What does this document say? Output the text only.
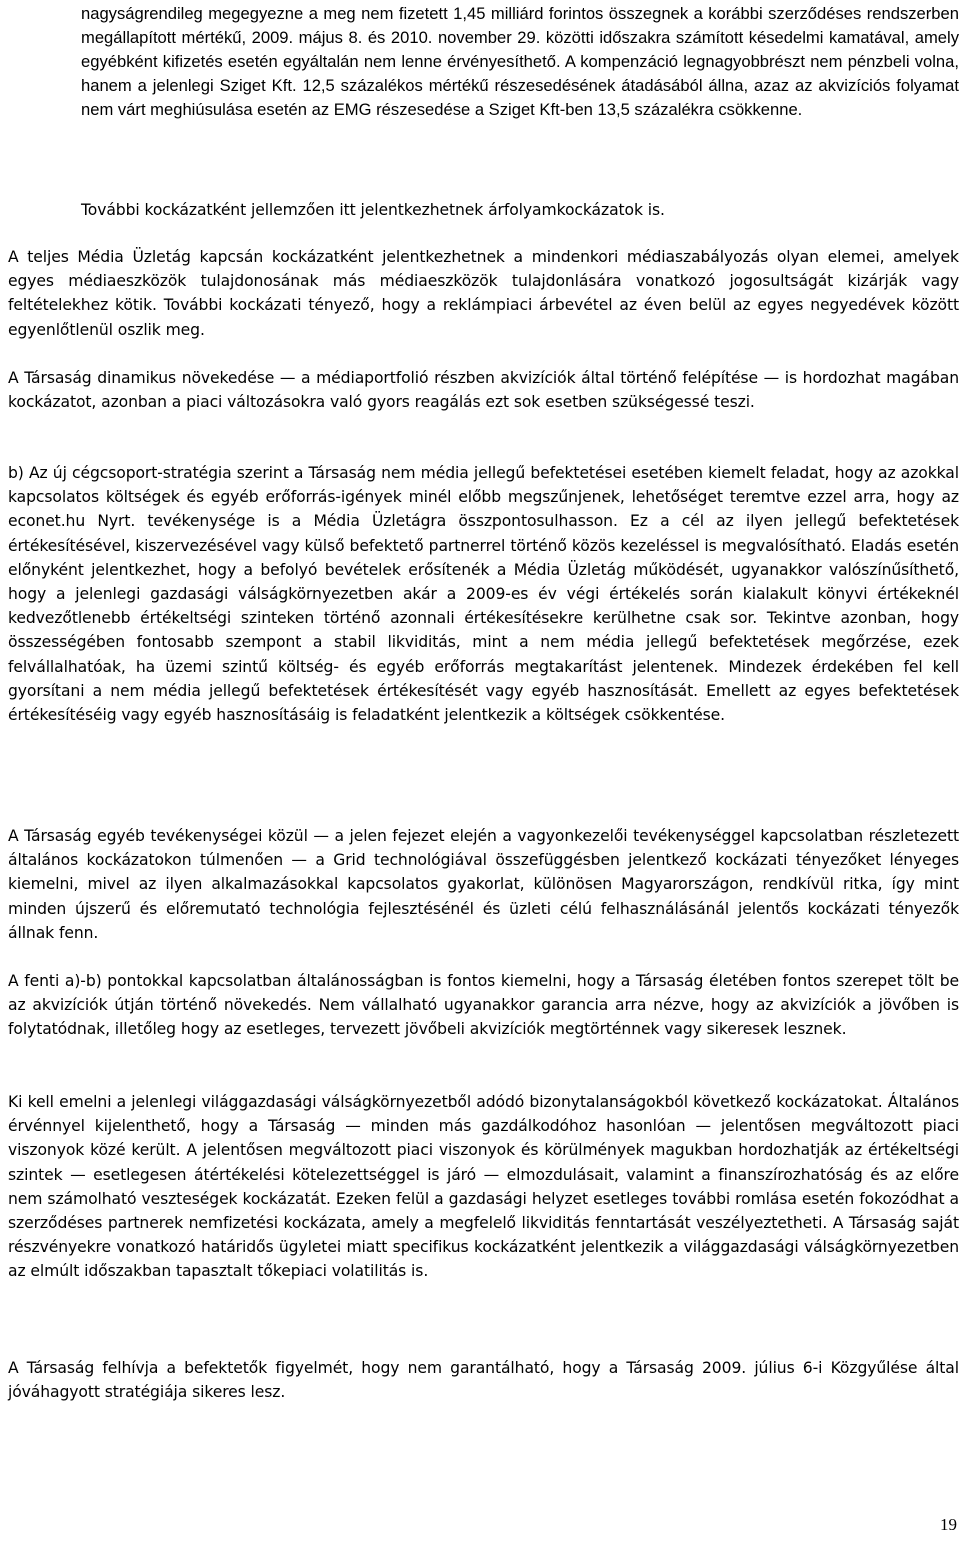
nagyságrendileg megegyezne a meg nem fizetett 1,45 milliárd forintos összegnek a korábbi szerződéses rendszerben megállapított mértékű, 2009. május 8. és 2010. november 29. közötti időszakra számított késedelmi kamatával, amely egyébként kifizetés esetén egyáltalán nem lenne érvényesíthető. A kompenzáció legnagyobbrészt nem pénzbeli volna, hanem a jelenlegi Sziget Kft. 12,5 százalékos mértékű részesedésének átadásából állna, azaz az akvizíciós folyamat nem várt meghiúsulása esetén az EMG részesedése a Sziget Kft-ben 13,5 százalékra csökkenne.

További kockázatként jellemzően itt jelentkezhetnek árfolyamkockázatok is.

A teljes Média Üzletág kapcsán kockázatként jelentkezhetnek a mindenkori médiaszabályozás olyan elemei, amelyek egyes médiaeszközök tulajdonosának más médiaeszközök tulajdonlására vonatkozó jogosultságát kizárják vagy feltételekhez kötik. További kockázati tényező, hogy a reklámpiaci árbevétel az éven belül az egyes negyedévek között egyenlőtlenül oszlik meg.

A Társaság dinamikus növekedése — a médiaportfolió részben akvizíciók által történő felépítése — is hordozhat magában kockázatot, azonban a piaci változásokra való gyors reagálás ezt sok esetben szükségessé teszi.

b) Az új cégcsoport-stratégia szerint a Társaság nem média jellegű befektetései esetében kiemelt feladat, hogy az azokkal kapcsolatos költségek és egyéb erőforrás-igények minél előbb megszűnjenek, lehetőséget teremtve ezzel arra, hogy az econet.hu Nyrt. tevékenysége is a Média Üzletágra összpontosulhasson. Ez a cél az ilyen jellegű befektetések értékesítésével, kiszervezésével vagy külső befektető partnerrel történő közös kezeléssel is megvalósítható. Eladás esetén előnyként jelentkezhet, hogy a befolyó bevételek erősítenék a Média Üzletág működését, ugyanakkor valószínűsíthető, hogy a jelenlegi gazdasági válságkörnyezetben akár a 2009-es év végi értékelés során kialakult könyvi értékeknél kedvezőtlenebb értékeltségi szinteken történő azonnali értékesítésekre kerülhetne csak sor. Tekintve azonban, hogy összességében fontosabb szempont a stabil likviditás, mint a nem média jellegű befektetések megőrzése, ezek felvállalhatóak, ha üzemi szintű költség- és egyéb erőforrás megtakarítást jelentenek. Mindezek érdekében fel kell gyorsítani a nem média jellegű befektetések értékesítését vagy egyéb hasznosítását. Emellett az egyes befektetések értékesítéséig vagy egyéb hasznosításáig is feladatként jelentkezik a költségek csökkentése.

A Társaság egyéb tevékenységei közül — a jelen fejezet elején a vagyonkezelői tevékenységgel kapcsolatban részletezett általános kockázatokon túlmenően — a Grid technológiával összefüggésben jelentkező kockázati tényezőket lényeges kiemelni, mivel az ilyen alkalmazásokkal kapcsolatos gyakorlat, különösen Magyarországon, rendkívül ritka, így mint minden újszerű és előremutató technológia fejlesztésénél és üzleti célú felhasználásánál jelentős kockázati tényezők állnak fenn.

A fenti a)-b) pontokkal kapcsolatban általánosságban is fontos kiemelni, hogy a Társaság életében fontos szerepet tölt be az akvizíciók útján történő növekedés. Nem vállalható ugyanakkor garancia arra nézve, hogy az akvizíciók a jövőben is folytatódnak, illetőleg hogy az esetleges, tervezett jövőbeli akvizíciók megtörténnek vagy sikeresek lesznek.

Ki kell emelni a jelenlegi világgazdasági válságkörnyezetből adódó bizonytalanságokból következő kockázatokat. Általános érvénnyel kijelenthető, hogy a Társaság — minden más gazdálkodóhoz hasonlóan — jelentősen megváltozott piaci viszonyok közé került. A jelentősen megváltozott piaci viszonyok és körülmények magukban hordozhatják az értékeltségi szintek — esetlegesen átértékelési kötelezettséggel is járó — elmozdulásait, valamint a finanszírozhatóság és az előre nem számolható veszteségek kockázatát. Ezeken felül a gazdasági helyzet esetleges további romlása esetén fokozódhat a szerződéses partnerek nemfizetési kockázata, amely a megfelelő likviditás fenntartását veszélyeztetheti. A Társaság saját részvényekre vonatkozó határidős ügyletei miatt specifikus kockázatként jelentkezik a világgazdasági válságkörnyezetben az elmúlt időszakban tapasztalt tőkepiaci volatilitás is.

A Társaság felhívja a befektetők figyelmét, hogy nem garantálható, hogy a Társaság 2009. július 6-i Közgyűlése által jóváhagyott stratégiája sikeres lesz.

19
